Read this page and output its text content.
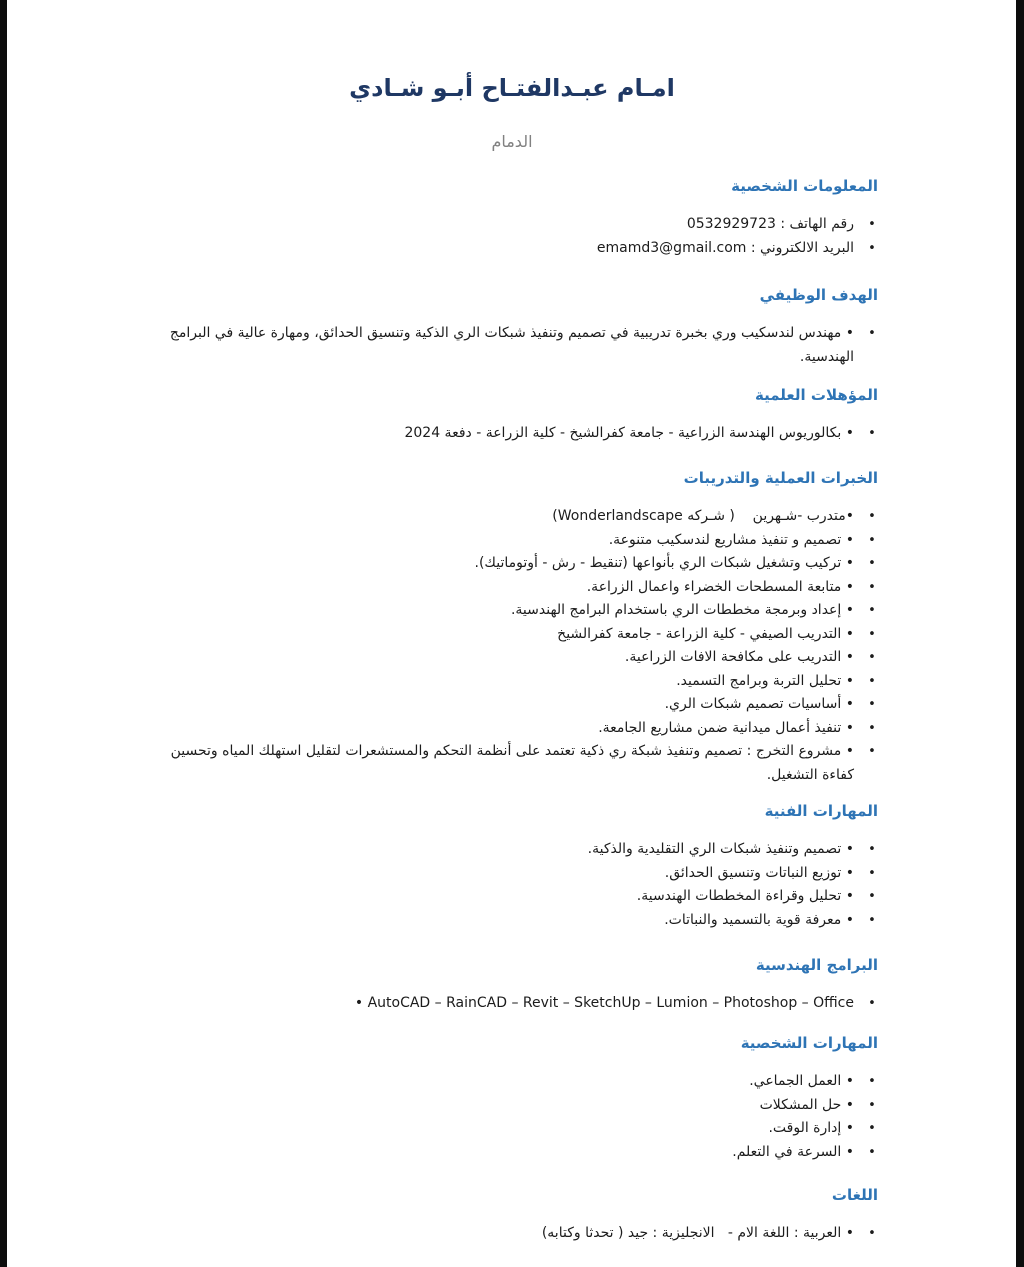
امـام عبـدالفتـاح أبـو شـادي
الدمام
المعلومات الشخصية
•
رقم الهاتف : 0532929723
•
البريد الالكتروني : emamd3@gmail.com
الهدف الوظيفي
•
• مهندس لندسكيب وري بخبرة تدريبية في تصميم وتنفيذ شبكات الري الذكية وتنسيق الحدائق، ومهارة عالية في البرامج الهندسية.
المؤهلات العلمية
•
• بكالوريوس الهندسة الزراعية - جامعة كفرالشيخ - كلية الزراعة - دفعة 2024
الخبرات العملية والتدريبات
•
•متدرب -شـهرين    ( شـركه Wonderlandscape)
•
• تصميم و تنفيذ مشاريع لندسكيب متنوعة.
•
• تركيب وتشغيل شبكات الري بأنواعها (تنقيط - رش - أوتوماتيك).
•
• متابعة المسطحات الخضراء واعمال الزراعة.
•
• إعداد وبرمجة مخططات الري باستخدام البرامج الهندسية.
•
• التدريب الصيفي - كلية الزراعة - جامعة كفرالشيخ
•
• التدريب على مكافحة الافات الزراعية.
•
• تحليل التربة وبرامج التسميد.
•
• أساسيات تصميم شبكات الري.
•
• تنفيذ أعمال ميدانية ضمن مشاريع الجامعة.
•
• مشروع التخرج : تصميم وتنفيذ شبكة ري ذكية تعتمد على أنظمة التحكم والمستشعرات لتقليل استهلك المياه وتحسين كفاءة التشغيل.
المهارات الفنية
•
• تصميم وتنفيذ شبكات الري التقليدية والذكية.
•
• توزيع النباتات وتنسيق الحدائق.
•
• تحليل وقراءة المخططات الهندسية.
•
• معرفة قوية بالتسميد والنباتات.
البرامج الهندسية
•
• AutoCAD – RainCAD – Revit – SketchUp – Lumion – Photoshop – Office
المهارات الشخصية
•
• العمل الجماعي.
•
• حل المشكلات
•
• إدارة الوقت.
•
• السرعة في التعلم.
اللغات
•
• العربية : اللغة الام -   الانجليزية : جيد ( تحدثا وكتابه)
